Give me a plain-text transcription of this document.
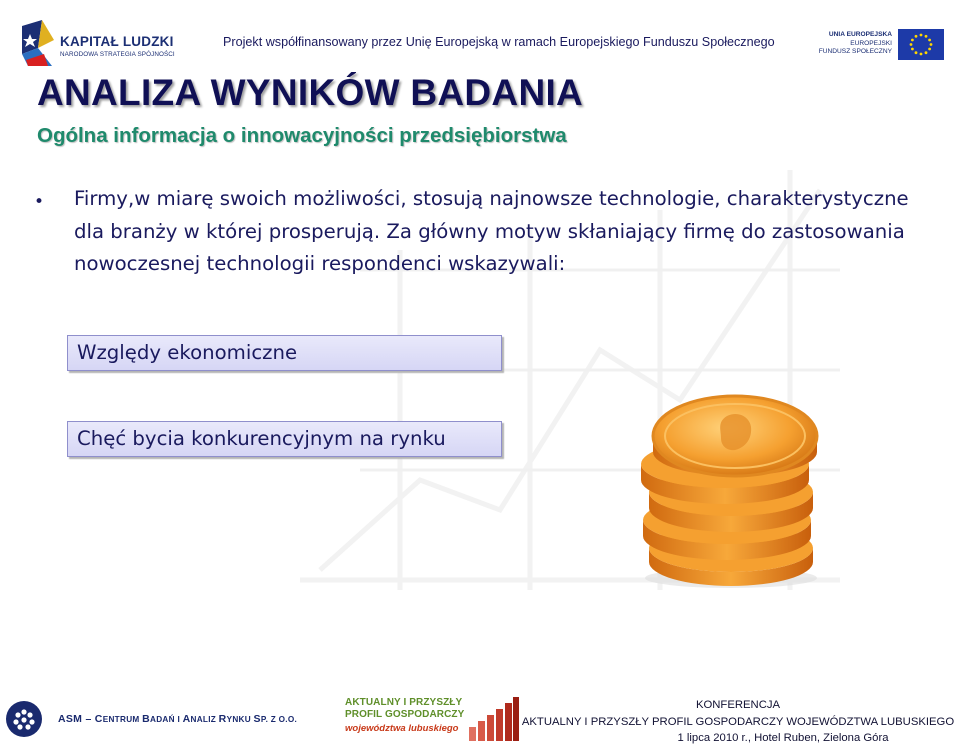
KAPITAŁ LUDZKI
NARODOWA STRATEGIA SPÓJNOŚCI
Projekt współfinansowany przez Unię Europejską w ramach Europejskiego Funduszu Społecznego
UNIA EUROPEJSKA
EUROPEJSKI
FUNDUSZ SPOŁECZNY
ANALIZA WYNIKÓW BADANIA
Ogólna informacja o innowacyjności przedsiębiorstwa
• Firmy,w miarę swoich możliwości, stosują najnowsze technologie, charakterystyczne dla branży w której prosperują. Za główny motyw skłaniający firmę do zastosowania nowoczesnej technologii respondenci wskazywali:
Względy ekonomiczne
Chęć bycia konkurencyjnym na rynku
ASM – CENTRUM BADAŃ I ANALIZ RYNKU SP. Z O.O.
AKTUALNY I PRZYSZŁY
PROFIL GOSPODARCZY
województwa lubuskiego
KONFERENCJA
AKTUALNY I PRZYSZŁY PROFIL GOSPODARCZY WOJEWÓDZTWA LUBUSKIEGO
1 lipca 2010 r., Hotel Ruben, Zielona Góra
